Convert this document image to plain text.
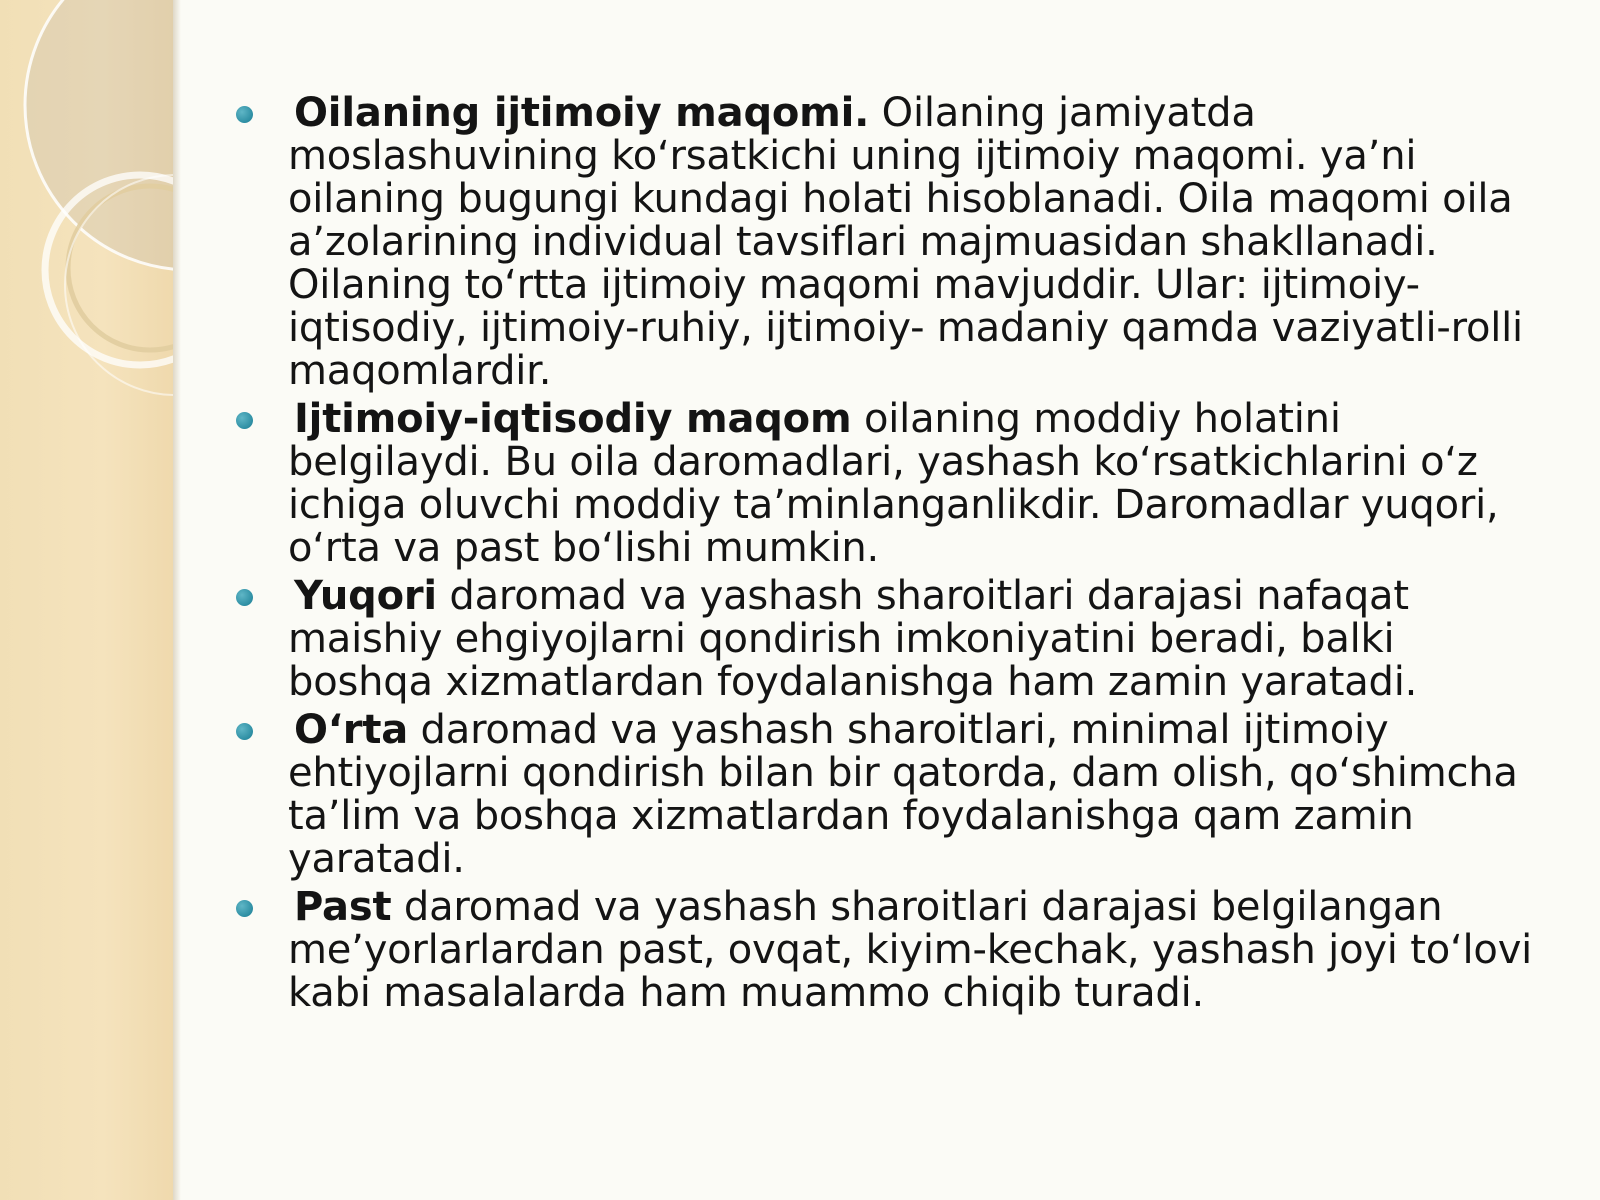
Oilaning ijtimoiy maqomi. Oilaning jamiyatda moslashuvining koʻrsatkichi uning ijtimoiy maqomi. yaʼni oilaning bugungi kundagi holati hisoblanadi. Oila maqomi oila aʼzolarining individual tavsiflari majmuasidan shakllanadi. Oilaning toʻrtta ijtimoiy maqomi mavjuddir. Ular: ijtimoiy-iqtisodiy, ijtimoiy-ruhiy, ijtimoiy- madaniy qamda vaziyatli-rolli maqomlardir.
Ijtimoiy-iqtisodiy maqom oilaning moddiy holatini belgilaydi. Bu oila daromadlari, yashash koʻrsatkichlarini oʻz ichiga oluvchi moddiy taʼminlanganlikdir. Daromadlar yuqori, oʻrta va past boʻlishi mumkin.
Yuqori daromad va yashash sharoitlari darajasi nafaqat maishiy ehgiyojlarni qondirish imkoniyatini beradi, balki boshqa xizmatlardan foydalanishga ham zamin yaratadi.
Oʻrta daromad va yashash sharoitlari, minimal ijtimoiy ehtiyojlarni qondirish bilan bir qatorda, dam olish, qoʻshimcha taʼlim va boshqa xizmatlardan foydalanishga qam zamin yaratadi.
Past daromad va yashash sharoitlari darajasi belgilangan meʼyorlarlardan past, ovqat, kiyim-kechak, yashash joyi toʻlovi kabi masalalarda ham muammo chiqib turadi.
